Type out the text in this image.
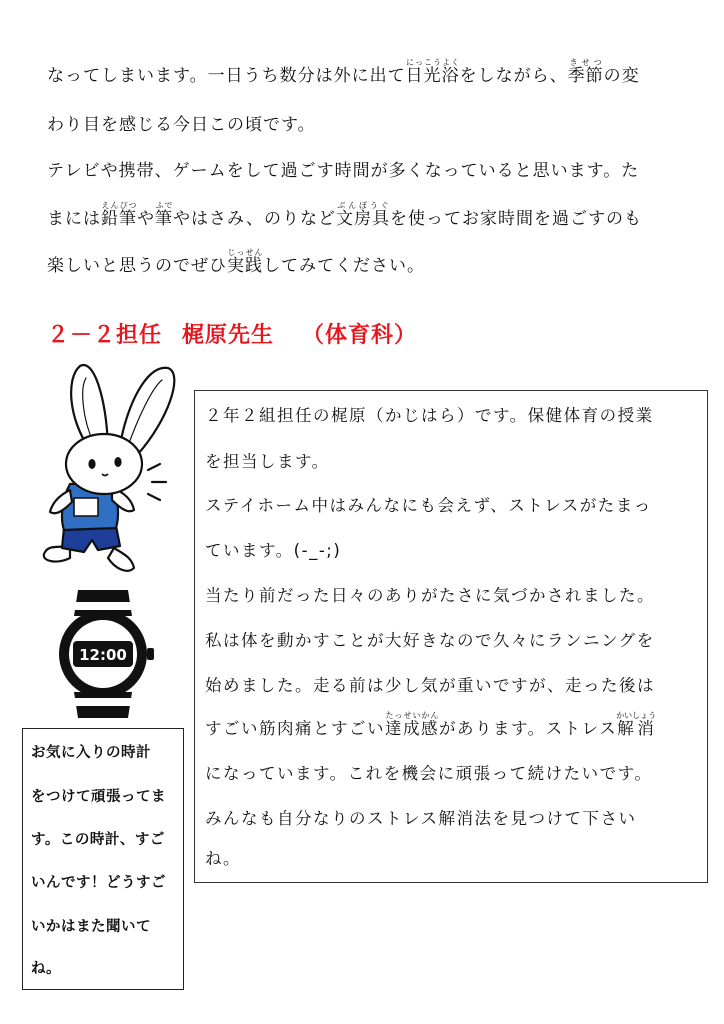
なってしまいます。一日うち数分は外に出て日光浴にっこうよくをしながら、季節きせつの変
わり目を感じる今日この頃です。
テレビや携帯、ゲームをして過ごす時間が多くなっていると思います。た
まには鉛筆えんぴつや筆ふでやはさみ、のりなど文房具ぶんぼうぐを使ってお家時間を過ごすのも
楽しいと思うのでぜひ実践じっせんしてみてください。
２－２担任 梶原先生 （体育科）
12:00
２年２組担任の梶原（かじはら）です。保健体育の授業
を担当します。
ステイホーム中はみんなにも会えず、ストレスがたまっ
ています。(-_-;)
当たり前だった日々のありがたさに気づかされました。
私は体を動かすことが大好きなので久々にランニングを
始めました。走る前は少し気が重いですが、走った後は
すごい筋肉痛とすごい達成感たっせいかんがあります。ストレス解消かいしょう
になっています。これを機会に頑張って続けたいです。
みんなも自分なりのストレス解消法を見つけて下さい
ね。
お気に入りの時計
をつけて頑張ってま
す。この時計、すご
いんです！どうすご
いかはまた聞いて
ね。
